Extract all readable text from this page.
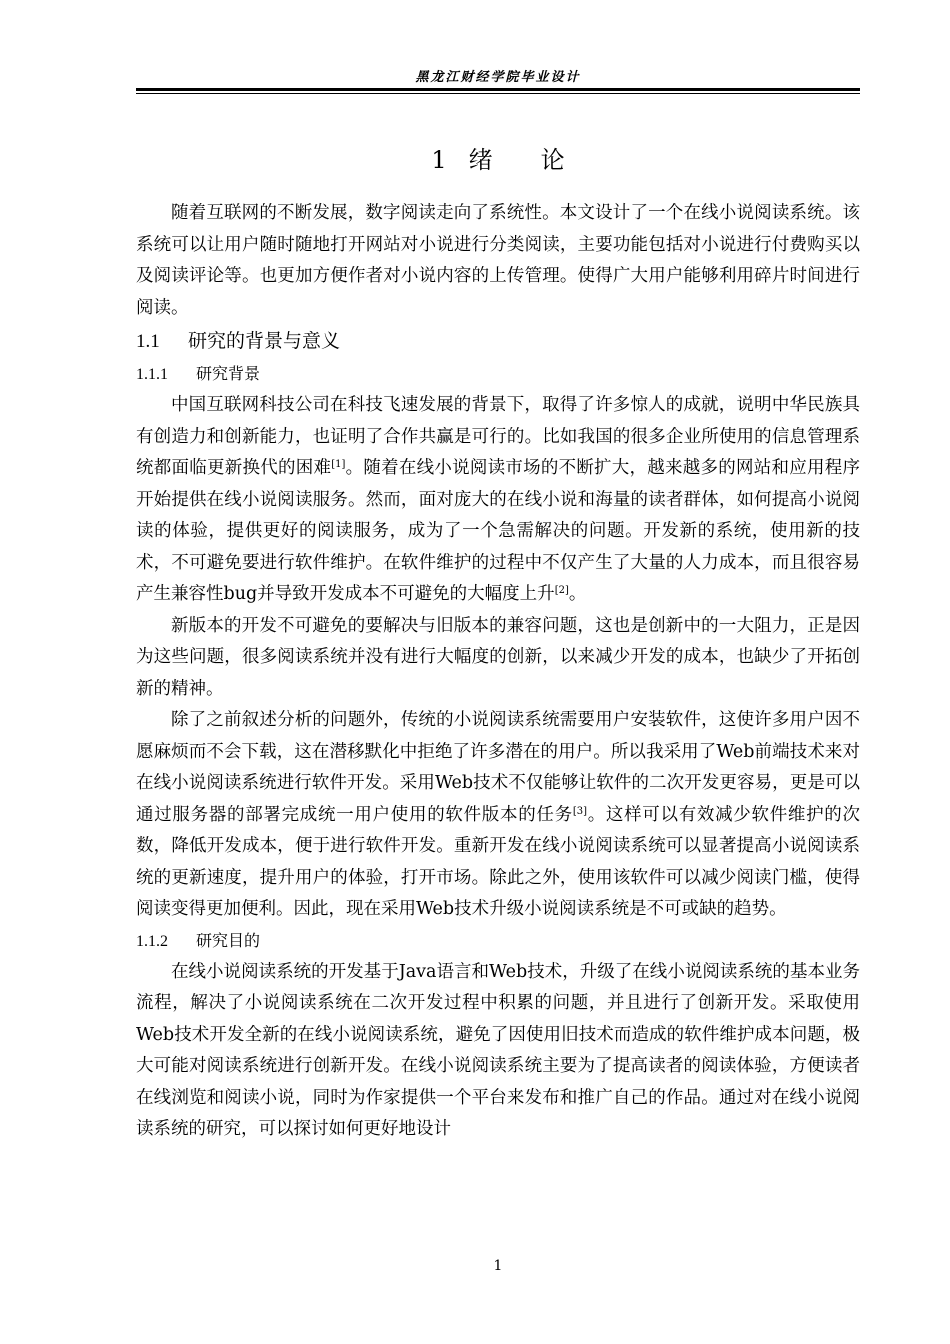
黑龙江财经学院毕业设计
1 绪 论

随着互联网的不断发展，数字阅读走向了系统性。本文设计了一个在线小说阅读系统。该系统可以让用户随时随地打开网站对小说进行分类阅读，主要功能包括对小说进行付费购买以及阅读评论等。也更加方便作者对小说内容的上传管理。使得广大用户能够利用碎片时间进行阅读。

1.1 研究的背景与意义
1.1.1 研究背景

中国互联网科技公司在科技飞速发展的背景下，取得了许多惊人的成就，说明中华民族具有创造力和创新能力，也证明了合作共赢是可行的。比如我国的很多企业所使用的信息管理系统都面临更新换代的困难[1]。随着在线小说阅读市场的不断扩大，越来越多的网站和应用程序开始提供在线小说阅读服务。然而，面对庞大的在线小说和海量的读者群体，如何提高小说阅读的体验，提供更好的阅读服务，成为了一个急需解决的问题。开发新的系统，使用新的技术，不可避免要进行软件维护。在软件维护的过程中不仅产生了大量的人力成本，而且很容易产生兼容性bug并导致开发成本不可避免的大幅度上升[2]。

新版本的开发不可避免的要解决与旧版本的兼容问题，这也是创新中的一大阻力，正是因为这些问题，很多阅读系统并没有进行大幅度的创新，以来减少开发的成本，也缺少了开拓创新的精神。

除了之前叙述分析的问题外，传统的小说阅读系统需要用户安装软件，这使许多用户因不愿麻烦而不会下载，这在潜移默化中拒绝了许多潜在的用户。所以我采用了Web前端技术来对在线小说阅读系统进行软件开发。采用Web技术不仅能够让软件的二次开发更容易，更是可以通过服务器的部署完成统一用户使用的软件版本的任务[3]。这样可以有效减少软件维护的次数，降低开发成本，便于进行软件开发。重新开发在线小说阅读系统可以显著提高小说阅读系统的更新速度，提升用户的体验，打开市场。除此之外，使用该软件可以减少阅读门槛，使得阅读变得更加便利。因此，现在采用Web技术升级小说阅读系统是不可或缺的趋势。

1.1.2 研究目的

在线小说阅读系统的开发基于Java语言和Web技术，升级了在线小说阅读系统的基本业务流程，解决了小说阅读系统在二次开发过程中积累的问题，并且进行了创新开发。采取使用Web技术开发全新的在线小说阅读系统，避免了因使用旧技术而造成的软件维护成本问题，极大可能对阅读系统进行创新开发。在线小说阅读系统主要为了提高读者的阅读体验，方便读者在线浏览和阅读小说，同时为作家提供一个平台来发布和推广自己的作品。通过对在线小说阅读系统的研究，可以探讨如何更好地设计

1
